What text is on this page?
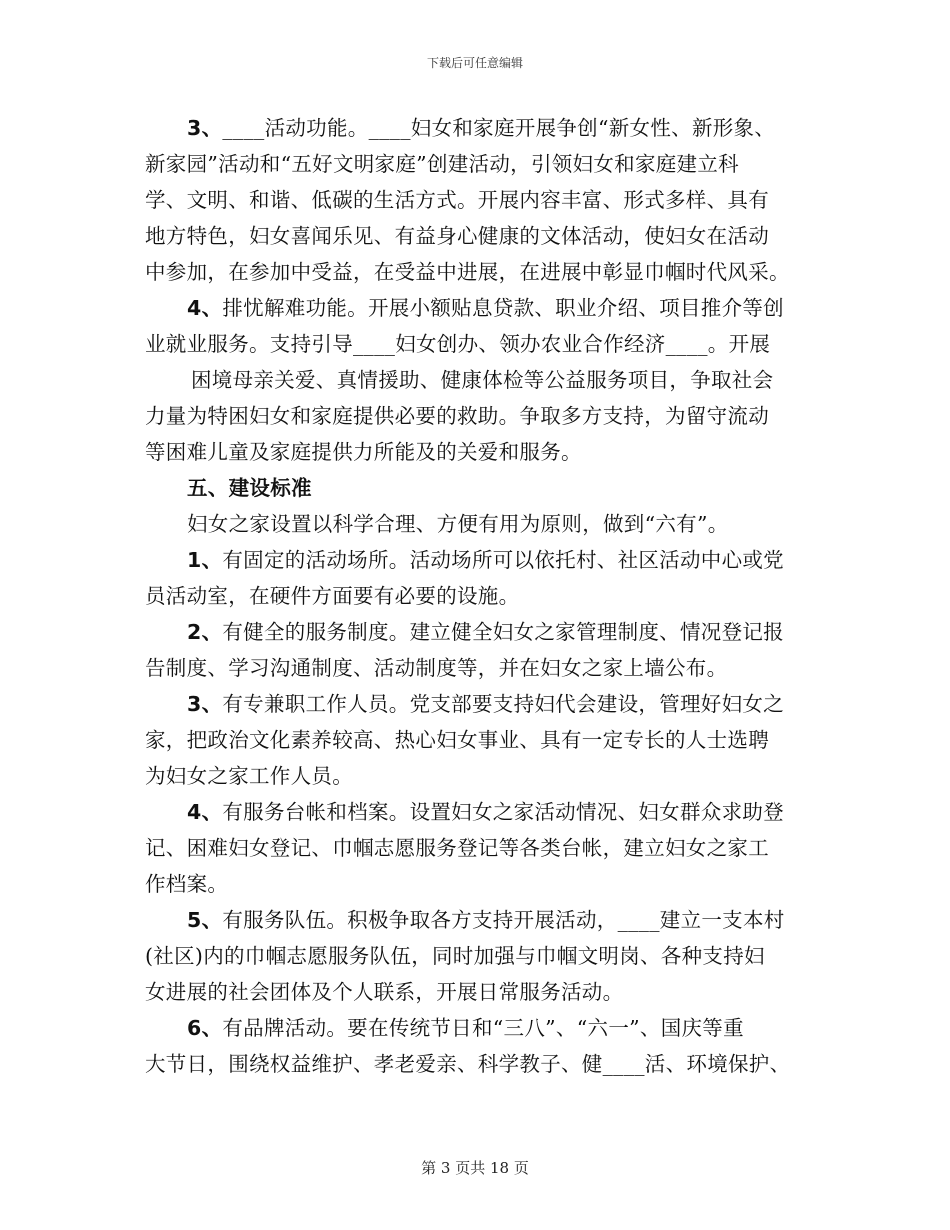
下载后可任意编辑
3、____活动功能。____妇女和家庭开展争创“新女性、新形象、
新家园”活动和“五好文明家庭”创建活动，引领妇女和家庭建立科
学、文明、和谐、低碳的生活方式。开展内容丰富、形式多样、具有
地方特色，妇女喜闻乐见、有益身心健康的文体活动，使妇女在活动
中参加，在参加中受益，在受益中进展，在进展中彰显巾帼时代风采。
4、排忧解难功能。开展小额贴息贷款、职业介绍、项目推介等创
业就业服务。支持引导____妇女创办、领办农业合作经济____。开展
困境母亲关爱、真情援助、健康体检等公益服务项目，争取社会
力量为特困妇女和家庭提供必要的救助。争取多方支持，为留守流动
等困难儿童及家庭提供力所能及的关爱和服务。
五、建设标准
妇女之家设置以科学合理、方便有用为原则，做到“六有”。
1、有固定的活动场所。活动场所可以依托村、社区活动中心或党
员活动室，在硬件方面要有必要的设施。
2、有健全的服务制度。建立健全妇女之家管理制度、情况登记报
告制度、学习沟通制度、活动制度等，并在妇女之家上墙公布。
3、有专兼职工作人员。党支部要支持妇代会建设，管理好妇女之
家，把政治文化素养较高、热心妇女事业、具有一定专长的人士选聘
为妇女之家工作人员。
4、有服务台帐和档案。设置妇女之家活动情况、妇女群众求助登
记、困难妇女登记、巾帼志愿服务登记等各类台帐，建立妇女之家工
作档案。
5、有服务队伍。积极争取各方支持开展活动，____建立一支本村
(社区)内的巾帼志愿服务队伍，同时加强与巾帼文明岗、各种支持妇
女进展的社会团体及个人联系，开展日常服务活动。
6、有品牌活动。要在传统节日和“三八”、“六一”、国庆等重
大节日，围绕权益维护、孝老爱亲、科学教子、健____活、环境保护、
第 3 页共 18 页
